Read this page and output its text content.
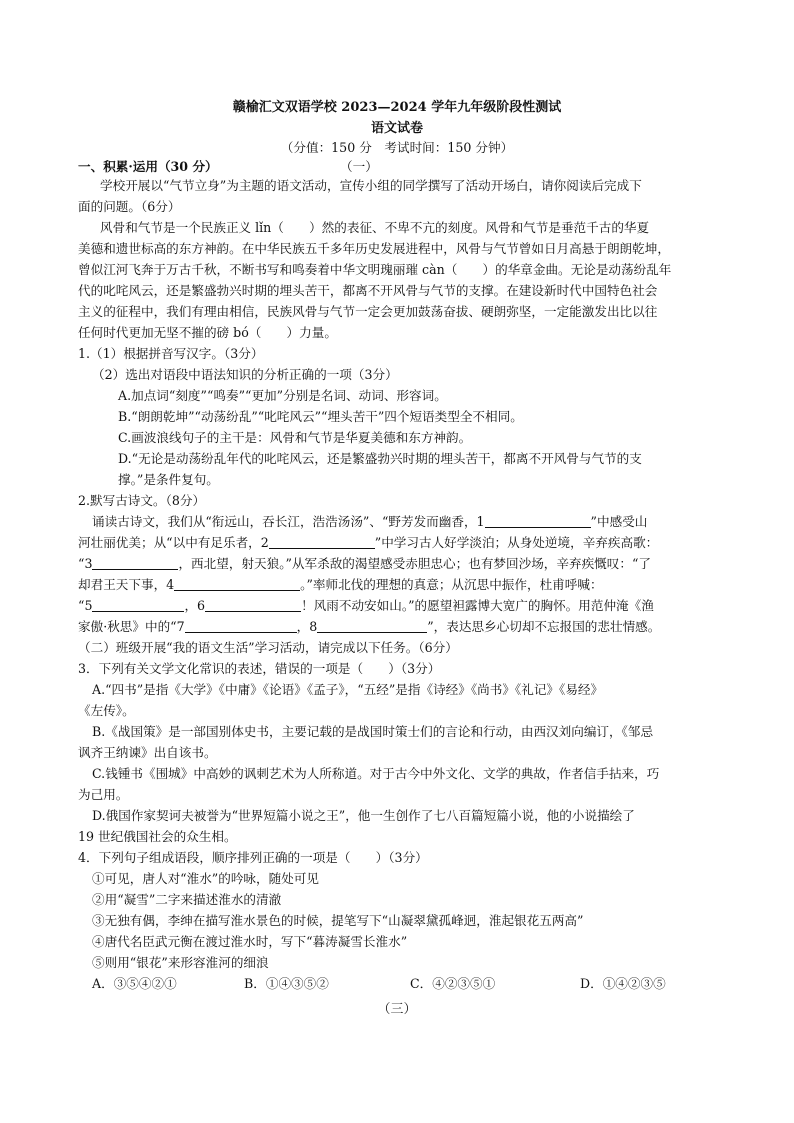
赣榆汇文双语学校 2023—2024 学年九年级阶段性测试
语文试卷
（分值：150 分　考试时间：150 分钟）
一、积累·运用（30 分）	（一）
学校开展以“气节立身”为主题的语文活动，宣传小组的同学撰写了活动开场白，请你阅读后完成下
面的问题。（6分）
风骨和气节是一个民族正义 lǐn（　　）然的表征、不卑不亢的刻度。风骨和气节是垂范千古的华夏
美德和遗世标高的东方神韵。在中华民族五千多年历史发展进程中，风骨与气节曾如日月高悬于朗朗乾坤，
曾似江河飞奔于万古千秋，不断书写和鸣奏着中华文明瑰丽璀 càn（　　）的华章金曲。无论是动荡纷乱年
代的叱咤风云，还是繁盛勃兴时期的埋头苦干，都离不开风骨与气节的支撑。在建设新时代中国特色社会
主义的征程中，我们有理由相信，民族风骨与气节一定会更加鼓荡奋拔、硬朗弥坚，一定能激发出比以往
任何时代更加无坚不摧的磅 bó（　　）力量。
1.（1）根据拼音写汉字。（3分）
（2）选出对语段中语法知识的分析正确的一项（3分）
A.加点词“刻度”“鸣奏”“更加”分别是名词、动词、形容词。
B.“朗朗乾坤”“动荡纷乱”“叱咤风云”“埋头苦干”四个短语类型全不相同。
C.画波浪线句子的主干是：风骨和气节是华夏美德和东方神韵。
D.“无论是动荡纷乱年代的叱咤风云，还是繁盛勃兴时期的埋头苦干，都离不开风骨与气节的支
撑。”是条件复句。
2.默写古诗文。（8分）
诵读古诗文，我们从“衔远山，吞长江，浩浩汤汤”、“野芳发而幽香，1	”中感受山
河壮丽优美；从“以中有足乐者，2	”中学习古人好学淡泊；从身处逆境，辛弃疾高歌：
“3	，西北望，射天狼。”从军杀敌的渴望感受赤胆忠心；也有梦回沙场，辛弃疾慨叹：“了
却君王天下事，4	。”率师北伐的理想的真意；从沉思中振作，杜甫呼喊：
“5	，6	！风雨不动安如山。”的愿望袒露博大宽广的胸怀。用范仲淹《渔
家傲·秋思》中的“7	，8	”，表达思乡心切却不忘报国的悲壮情感。
（二）班级开展“我的语文生活”学习活动，请完成以下任务。（6分）
3．下列有关文学文化常识的表述，错误的一项是（　　）（3分）
A.“四书”是指《大学》《中庸》《论语》《孟子》，“五经”是指《诗经》《尚书》《礼记》《易经》
《左传》。
B.《战国策》是一部国别体史书，主要记载的是战国时策士们的言论和行动，由西汉刘向编订，《邹忌
讽齐王纳谏》出自该书。
C.钱锺书《围城》中高妙的讽刺艺术为人所称道。对于古今中外文化、文学的典故，作者信手拈来，巧
为己用。
D.俄国作家契诃夫被誉为“世界短篇小说之王”，他一生创作了七八百篇短篇小说，他的小说描绘了
19 世纪俄国社会的众生相。
4．下列句子组成语段，顺序排列正确的一项是（　　）（3分）
①可见，唐人对“淮水”的吟咏，随处可见
②用“凝雪”二字来描述淮水的清澈
③无独有偶，李绅在描写淮水景色的时候，提笔写下“山凝翠黛孤峰迥，淮起银花五两高”
④唐代名臣武元衡在渡过淮水时，写下“暮涛凝雪长淮水”
⑤则用“银花”来形容淮河的细浪
A．③⑤④②①	B．①④③⑤②	C．④②③⑤①	D．①④②③⑤
（三）
